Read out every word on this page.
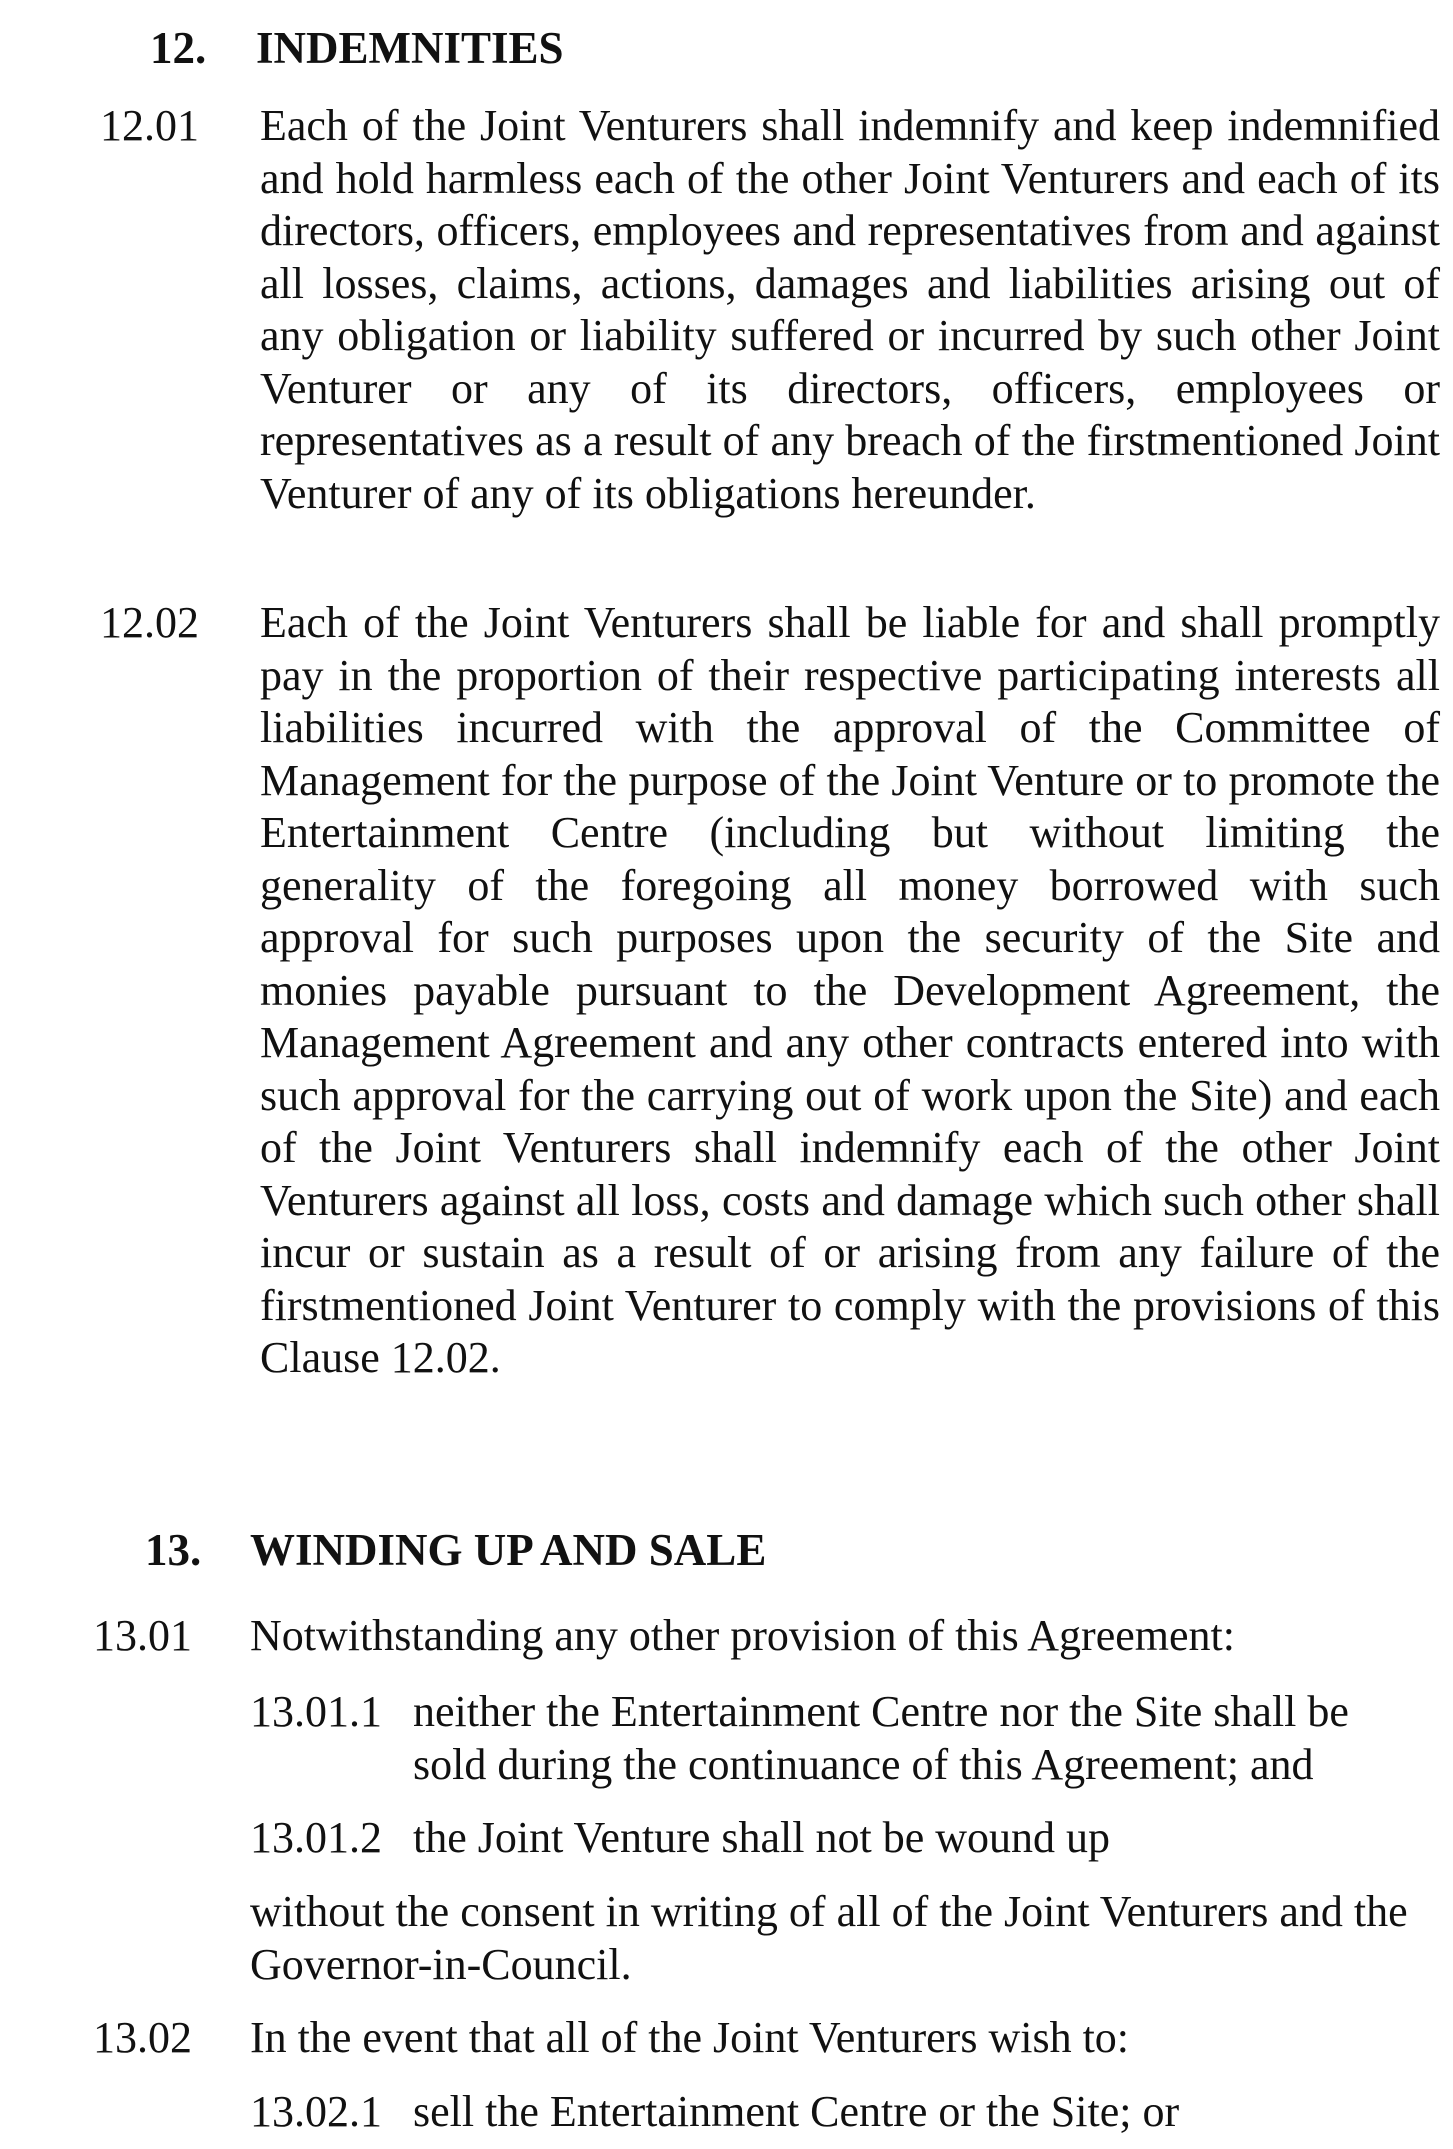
12. INDEMNITIES
12.01 Each of the Joint Venturers shall indemnify and keep indemnified and hold harmless each of the other Joint Venturers and each of its directors, officers, employees and representatives from and against all losses, claims, actions, damages and liabilities arising out of any obligation or liability suffered or incurred by such other Joint Venturer or any of its directors, officers, employees or representatives as a result of any breach of the firstmentioned Joint Venturer of any of its obligations hereunder.
12.02 Each of the Joint Venturers shall be liable for and shall promptly pay in the proportion of their respective participating interests all liabilities incurred with the approval of the Committee of Management for the purpose of the Joint Venture or to promote the Entertainment Centre (including but without limiting the generality of the foregoing all money borrowed with such approval for such purposes upon the security of the Site and monies payable pursuant to the Development Agreement, the Management Agreement and any other contracts entered into with such approval for the carrying out of work upon the Site) and each of the Joint Venturers shall indemnify each of the other Joint Venturers against all loss, costs and damage which such other shall incur or sustain as a result of or arising from any failure of the firstmentioned Joint Venturer to comply with the provisions of this Clause 12.02.
13. WINDING UP AND SALE
13.01 Notwithstanding any other provision of this Agreement:
13.01.1 neither the Entertainment Centre nor the Site shall be sold during the continuance of this Agreement; and
13.01.2 the Joint Venture shall not be wound up
without the consent in writing of all of the Joint Venturers and the Governor-in-Council.
13.02 In the event that all of the Joint Venturers wish to:
13.02.1 sell the Entertainment Centre or the Site; or
